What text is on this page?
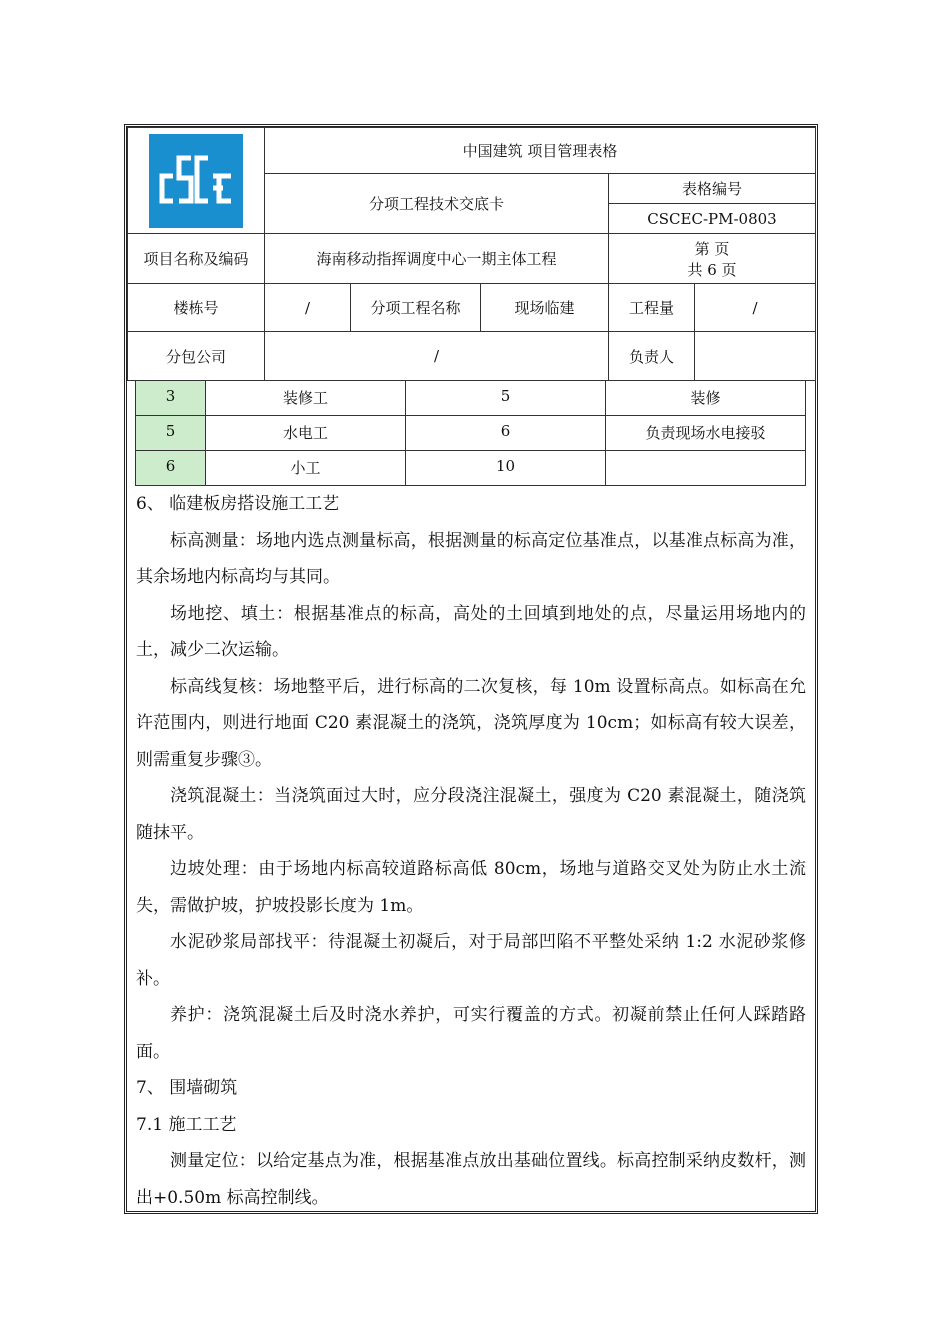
	中国建筑 项目管理表格				
	分项工程技术交底卡			表格编号	
				CSCEC-PM-0803	
项目名称及编码	海南移动指挥调度中心一期主体工程			第 页
共 6 页	

楼栋号	/	分项工程名称	现场临建	工程量	/
分包公司	/			负责人	
3	装修工	5	装修
5	水电工	6	负责现场水电接驳
6	小工	10	

6、 临建板房搭设施工工艺

标高测量：场地内选点测量标高，根据测量的标高定位基准点，以基准点标高为准，其余场地内标高均与其同。

场地挖、填土：根据基准点的标高，高处的土回填到地处的点，尽量运用场地内的土，减少二次运输。

标高线复核：场地整平后，进行标高的二次复核，每 10m 设置标高点。如标高在允许范围内，则进行地面 C20 素混凝土的浇筑，浇筑厚度为 10cm；如标高有较大误差，则需重复步骤③。

浇筑混凝土：当浇筑面过大时，应分段浇注混凝土，强度为 C20 素混凝土，随浇筑随抹平。

边坡处理：由于场地内标高较道路标高低 80cm，场地与道路交叉处为防止水土流失，需做护坡，护坡投影长度为 1m。

水泥砂浆局部找平：待混凝土初凝后，对于局部凹陷不平整处采纳 1:2 水泥砂浆修补。

养护：浇筑混凝土后及时浇水养护，可实行覆盖的方式。初凝前禁止任何人踩踏路面。

7、 围墙砌筑

7.1 施工工艺

测量定位：以给定基点为准，根据基准点放出基础位置线。标高控制采纳皮数杆，测出+0.50m 标高控制线。
